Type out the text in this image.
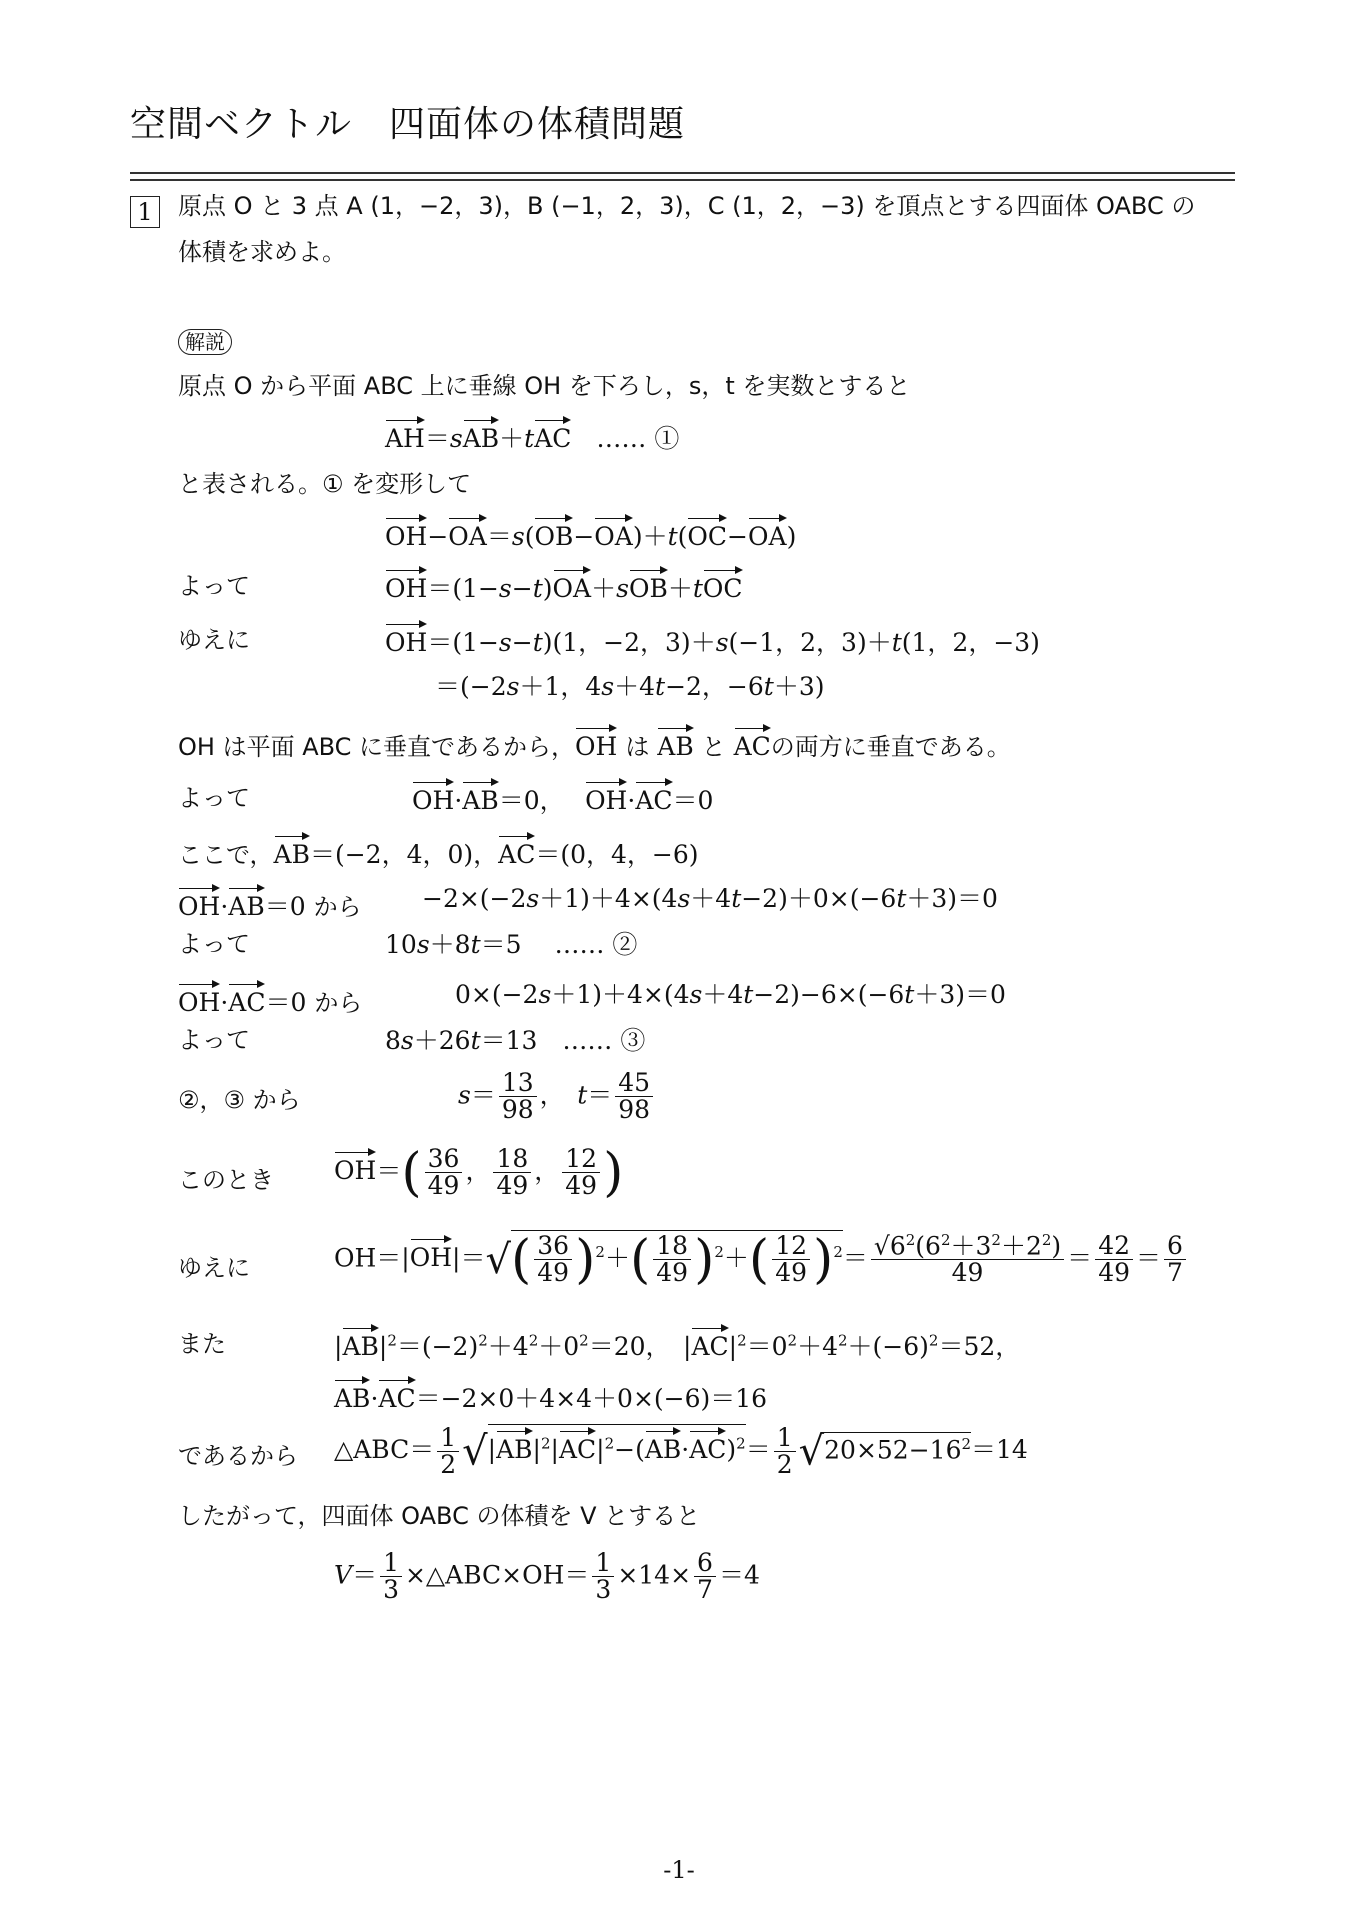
空間ベクトル　四面体の体積問題
1	原点 O と 3 点 A (1，−2，3)，B (−1，2，3)，C (1，2，−3) を頂点とする四面体 OABC の
体積を求めよ。
解説
原点 O から平面 ABC 上に垂線 OH を下ろし，s，t を実数とすると
AH＝sAB＋tAC　…… ①
と表される。① を変形して
OH−OA＝s(OB−OA)＋t(OC−OA)
よって	OH＝(1−s−t)OA＋sOB＋tOC
ゆえに	OH＝(1−s−t)(1，−2，3)＋s(−1，2，3)＋t(1，2，−3)
＝(−2s＋1，4s＋4t−2，−6t＋3)
OH は平面 ABC に垂直であるから，OH は AB と ACの両方に垂直である。
よって	OH·AB＝0，　 OH·AC＝0
ここで，AB＝(−2，4，0)，AC＝(0，4，−6)
OH·AB＝0 から −2×(−2s＋1)＋4×(4s＋4t−2)＋0×(−6t＋3)＝0
よって	10s＋8t＝5　 …… ②
OH·AC＝0 から	0×(−2s＋1)＋4×(4s＋4t−2)−6×(−6t＋3)＝0
よって	8s＋26t＝13　…… ③
②，③ から	$s= \frac{13}{98}$ ，　$t= \frac{45}{98}$
このとき $OH=( \frac{36}{49}$ ， $\frac{18}{49}$ ， $\frac{12}{49}$ )
ゆえに	$OH=|OH|=√( \frac{36}{49} )^2+( \frac{18}{49} )^2+( \frac{12}{49} )^2= \frac{√6^2(6^2+3^2+2^2)}{49} = \frac{42}{49} = \frac{6}{7}$
また	$|AB|^2=(-2)^2+4^2+0^2=20$，　$|AC|^2=0^2+4^2+(-6)^2=52$，
AB·AC＝−2×0＋4×4＋0×(−6)＝16
であるから △ABC＝ $\frac{1}{2} √|AB|^2|AC|^2-(AB\cdot AC)^2= \frac{1}{2} √20\times 52-16^2=14$
したがって，四面体 OABC の体積を V とすると
$V= \frac{1}{3}$ ×△ABC×OH＝ $\frac{1}{3} \times 14\times \frac{6}{7} =4$
-1-
